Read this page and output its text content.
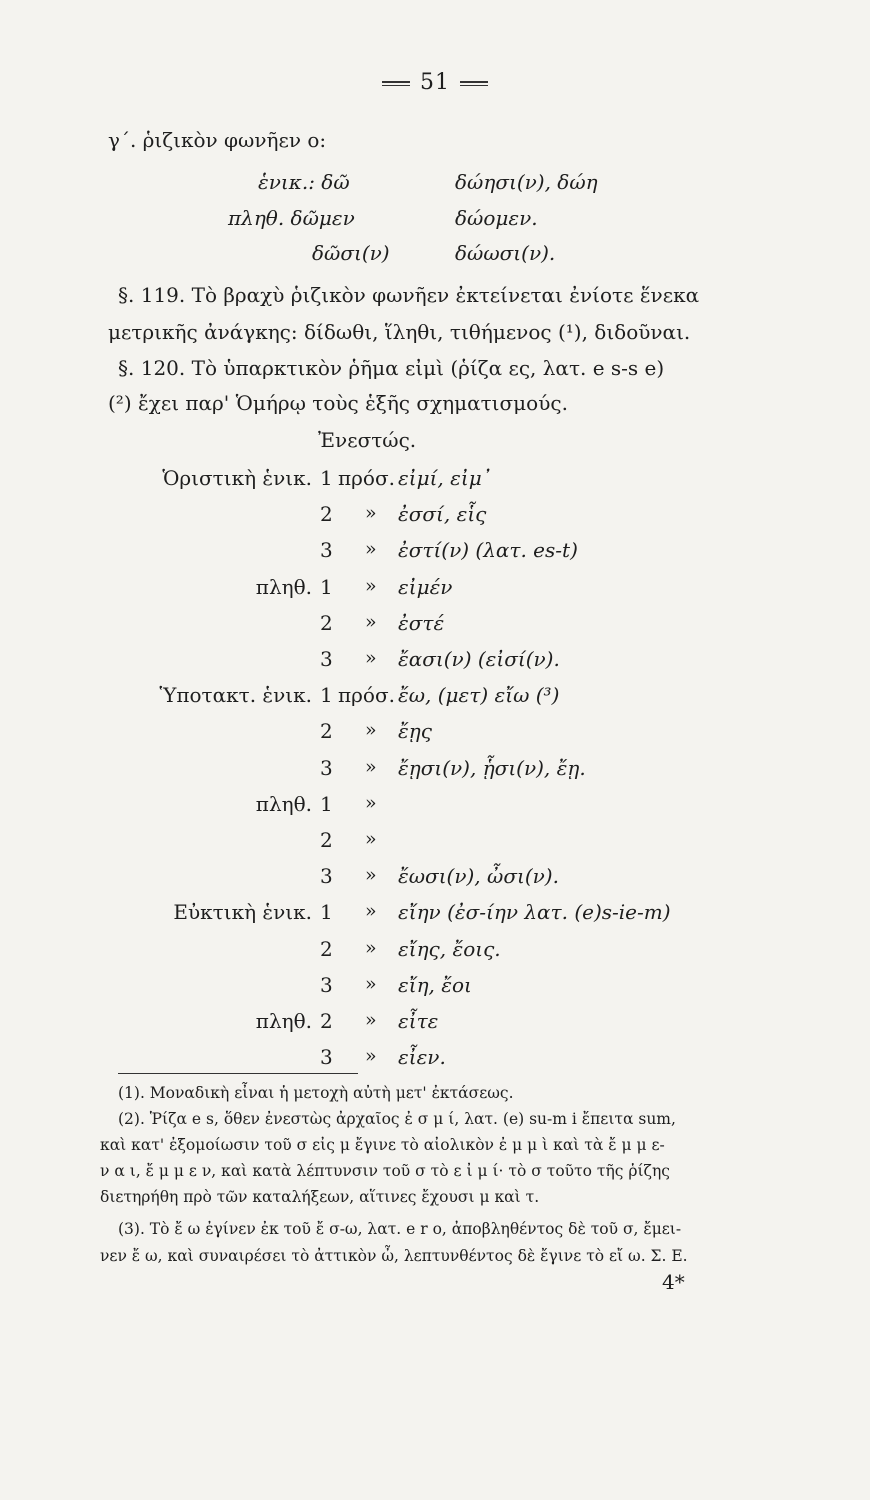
51
γ΄. ῥιζικὸν φωνῆεν ο:
ἑνικ.: δῶ	δώησι(ν), δώη
πληθ. δῶμεν	δώομεν.
δῶσι(ν)	δώωσι(ν).
§. 119. Τὸ βραχὺ ῥιζικὸν φωνῆεν ἐκτείνεται ἐνίοτε ἕνεκα
μετρικῆς ἀνάγκης: δίδωθι, ἵληθι, τιθήμενος (¹), διδοῦναι.
§. 120. Τὸ ὑπαρκτικὸν ῥῆμα εἰμὶ (ῥίζα ες, λατ. e s-s e)
(²) ἔχει παρ' Ὁμήρῳ τοὺς ἑξῆς σχηματισμούς.
Ἐνεστώς.
Ὁριστικὴ ἑνικ. 1 πρόσ. εἰμί, εἰμ᾽
2 » ἐσσί, εἷς
3 » ἐστί(ν) (λατ. es-t)
πληθ. 1 » εἰμέν
2 » ἐστέ
3 » ἔασι(ν) (εἰσί(ν).
Ὑποτακτ. ἑνικ. 1 πρόσ. ἔω, (μετ) εἴω (³)
2 » ἔῃς
3 » ἔῃσι(ν), ᾗσι(ν), ἔῃ.
πληθ. 1 »
2 »
3 » ἔωσι(ν), ὦσι(ν).
Εὐκτικὴ ἑνικ. 1 » εἴην (ἐσ-ίην λατ. (e)s-ie-m)
2 » εἴης, ἔοις.
3 » εἴη, ἔοι
πληθ. 2 » εἶτε
3 » εἶεν.
(1). Μοναδικὴ εἶναι ἡ μετοχὴ αὐτὴ μετ' ἐκτάσεως.
(2). Ῥίζα e s, ὅθεν ἐνεστὼς ἀρχαῖος ἐ σ μ ί, λατ. (e) su-m i ἔπειτα sum,
καὶ κατ' ἐξομοίωσιν τοῦ σ εἰς μ ἔγινε τὸ αἰολικὸν ἐ μ μ ὶ καὶ τὰ ἔ μ μ ε-
ν α ι, ἔ μ μ ε ν, καὶ κατὰ λέπτυνσιν τοῦ σ τὸ ε ἰ μ ί· τὸ σ τοῦτο τῆς ῥίζης
διετηρήθη πρὸ τῶν καταλήξεων, αἵτινες ἔχουσι μ καὶ τ.
(3). Τὸ ἔ ω ἐγίνεν ἐκ τοῦ ἔ σ-ω, λατ. e r o, ἀποβληθέντος δὲ τοῦ σ, ἔμει-
νεν ἔ ω, καὶ συναιρέσει τὸ ἀττικὸν ὦ, λεπτυνθέντος δὲ ἔγινε τὸ εἴ ω. Σ. Ε.
4*
